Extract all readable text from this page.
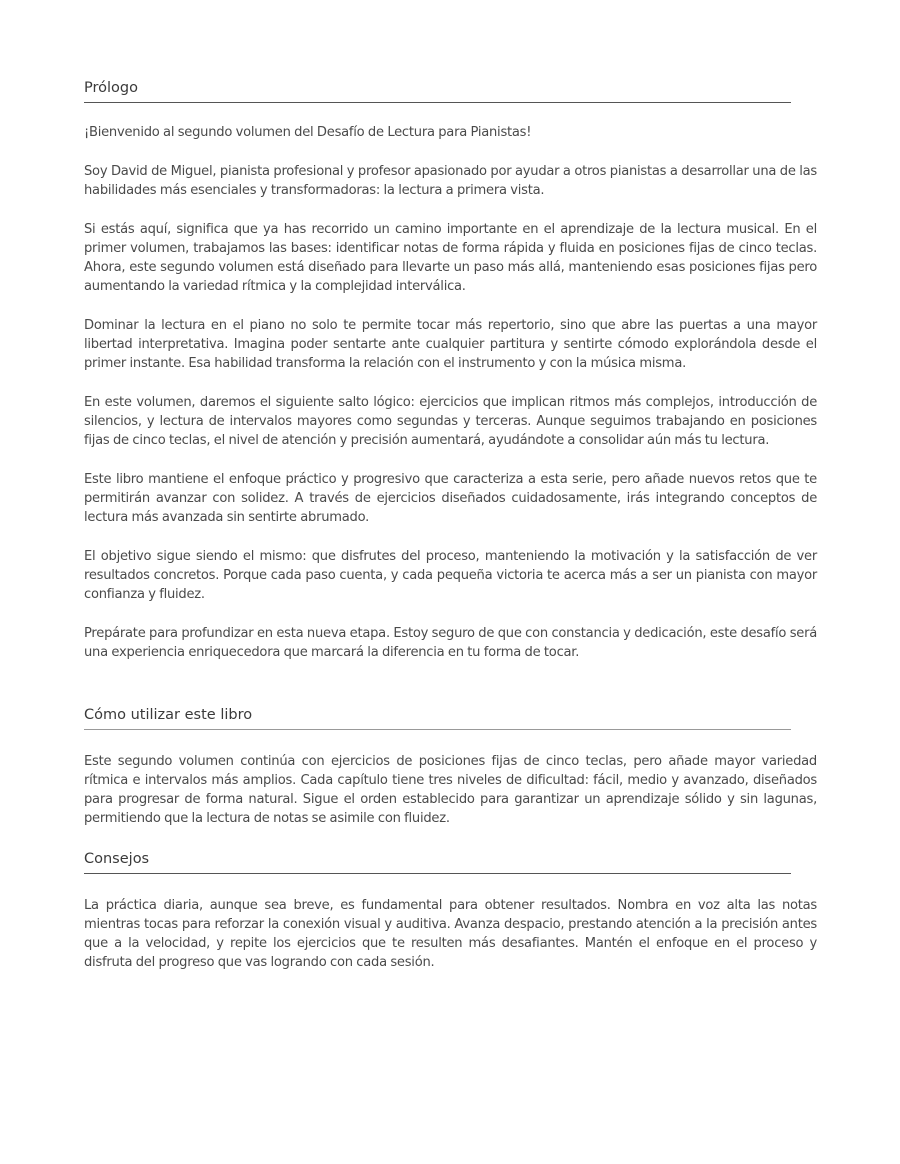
Prólogo

¡Bienvenido al segundo volumen del Desafío de Lectura para Pianistas!

Soy David de Miguel, pianista profesional y profesor apasionado por ayudar a otros pianistas a desarrollar una de las habilidades más esenciales y transformadoras: la lectura a primera vista.

Si estás aquí, significa que ya has recorrido un camino importante en el aprendizaje de la lectura musical. En el primer volumen, trabajamos las bases: identificar notas de forma rápida y fluida en posiciones fijas de cinco teclas. Ahora, este segundo volumen está diseñado para llevarte un paso más allá, manteniendo esas posiciones fijas pero aumentando la variedad rítmica y la complejidad interválica.

Dominar la lectura en el piano no solo te permite tocar más repertorio, sino que abre las puertas a una mayor libertad interpretativa. Imagina poder sentarte ante cualquier partitura y sentirte cómodo explorándola desde el primer instante. Esa habilidad transforma la relación con el instrumento y con la música misma.

En este volumen, daremos el siguiente salto lógico: ejercicios que implican ritmos más complejos, introducción de silencios, y lectura de intervalos mayores como segundas y terceras. Aunque seguimos trabajando en posiciones fijas de cinco teclas, el nivel de atención y precisión aumentará, ayudándote a consolidar aún más tu lectura.

Este libro mantiene el enfoque práctico y progresivo que caracteriza a esta serie, pero añade nuevos retos que te permitirán avanzar con solidez. A través de ejercicios diseñados cuidadosamente, irás integrando conceptos de lectura más avanzada sin sentirte abrumado.

El objetivo sigue siendo el mismo: que disfrutes del proceso, manteniendo la motivación y la satisfacción de ver resultados concretos. Porque cada paso cuenta, y cada pequeña victoria te acerca más a ser un pianista con mayor confianza y fluidez.

Prepárate para profundizar en esta nueva etapa. Estoy seguro de que con constancia y dedicación, este desafío será una experiencia enriquecedora que marcará la diferencia en tu forma de tocar.

Cómo utilizar este libro

Este segundo volumen continúa con ejercicios de posiciones fijas de cinco teclas, pero añade mayor variedad rítmica e intervalos más amplios. Cada capítulo tiene tres niveles de dificultad: fácil, medio y avanzado, diseñados para progresar de forma natural. Sigue el orden establecido para garantizar un aprendizaje sólido y sin lagunas, permitiendo que la lectura de notas se asimile con fluidez.

Consejos

La práctica diaria, aunque sea breve, es fundamental para obtener resultados. Nombra en voz alta las notas mientras tocas para reforzar la conexión visual y auditiva. Avanza despacio, prestando atención a la precisión antes que a la velocidad, y repite los ejercicios que te resulten más desafiantes. Mantén el enfoque en el proceso y disfruta del progreso que vas logrando con cada sesión.
